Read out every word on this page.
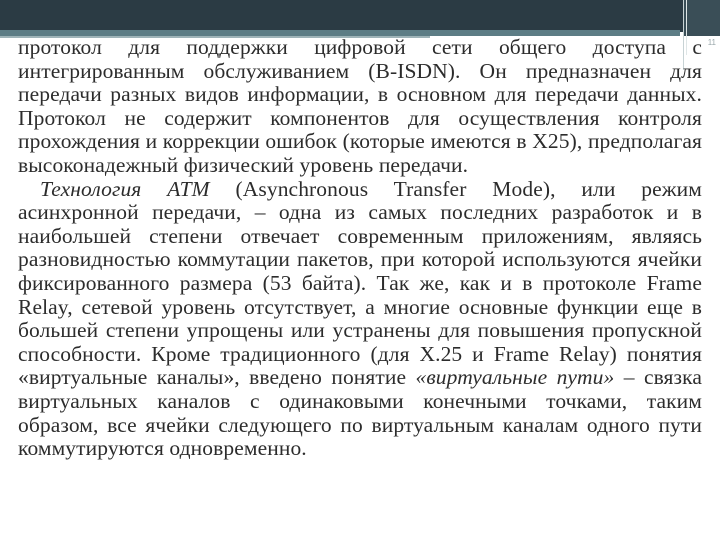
11

протокол для поддержки цифровой сети общего доступа с интегрированным обслуживанием (B-ISDN). Он предназначен для передачи разных видов информации, в основном для передачи данных. Протокол не содержит компонентов для осуществления контроля прохождения и коррекции ошибок (которые имеются в X25), предполагая высоконадежный физический уровень передачи.

Технология АТМ (Asynchronous Transfer Mode), или режим асинхронной передачи, – одна из самых последних разработок и в наибольшей степени отвечает современным приложениям, являясь разновидностью коммутации пакетов, при которой используются ячейки фиксированного размера (53 байта). Так же, как и в протоколе Frame Relay, сетевой уровень отсутствует, а многие основные функции еще в большей степени упрощены или устранены для повышения пропускной способности. Кроме традиционного (для X.25 и Frame Relay) понятия «виртуальные каналы», введено понятие «виртуальные пути» – связка виртуальных каналов с одинаковыми конечными точками, таким образом, все ячейки следующего по виртуальным каналам одного пути коммутируются одновременно.
